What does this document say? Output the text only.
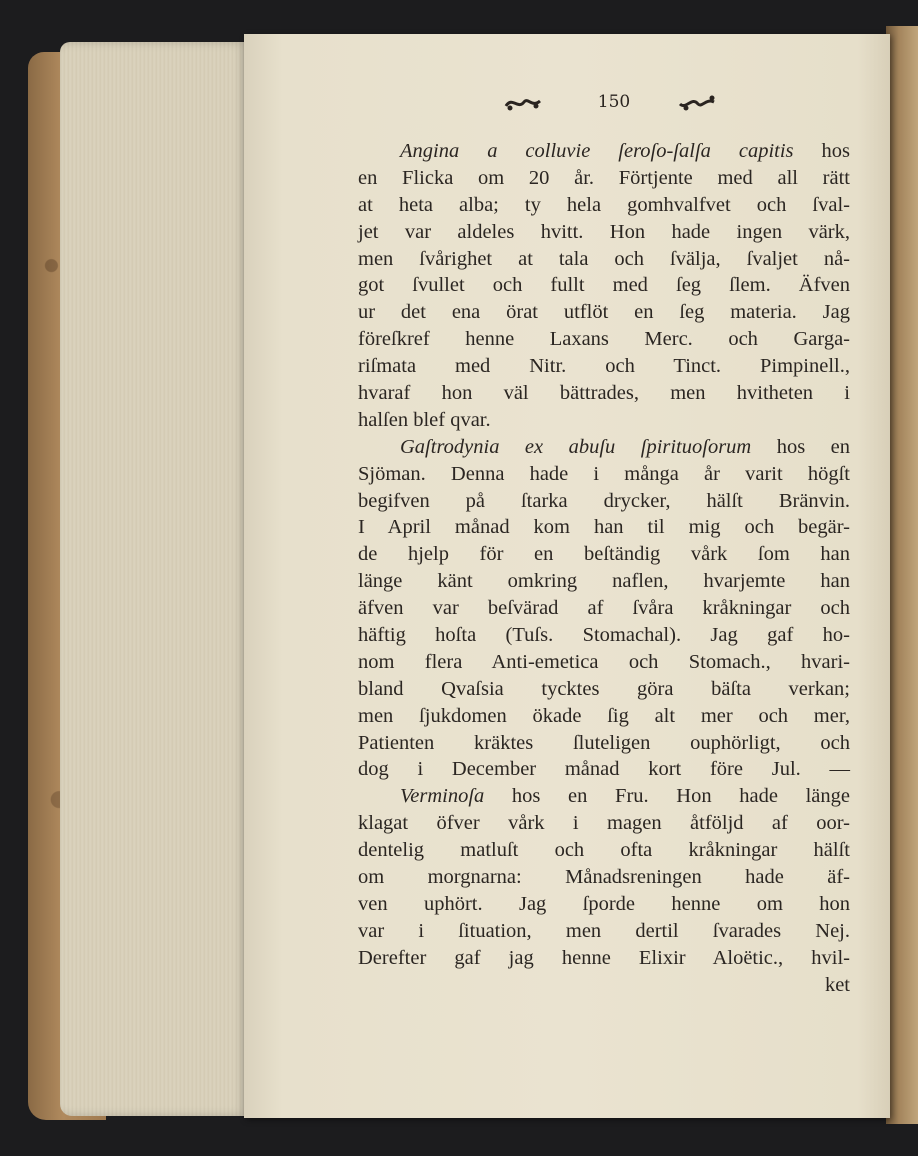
150
Angina a colluvie ſeroſo-ſalſa capitis hos
en Flicka om 20 år. Förtjente med all rätt
at heta alba; ty hela gomhvalfvet och ſval-
jet var aldeles hvitt. Hon hade ingen värk,
men ſvårighet at tala och ſvälja, ſvaljet nå-
got ſvullet och fullt med ſeg ſlem. Äfven
ur det ena örat utflöt en ſeg materia. Jag
föreſkref henne Laxans Merc. och Garga-
riſmata med Nitr. och Tinct. Pimpinell.,
hvaraf hon väl bättrades, men hvitheten i
halſen blef qvar.
Gaſtrodynia ex abuſu ſpirituoſorum hos en
Sjöman. Denna hade i många år varit högſt
begifven på ſtarka drycker, hälſt Bränvin.
I April månad kom han til mig och begär-
de hjelp för en beſtändig vårk ſom han
länge känt omkring naflen, hvarjemte han
äfven var beſvärad af ſvåra kråkningar och
häftig hoſta (Tuſs. Stomachal). Jag gaf ho-
nom flera Anti-emetica och Stomach., hvari-
bland Qvaſsia tycktes göra bäſta verkan;
men ſjukdomen ökade ſig alt mer och mer,
Patienten kräktes ſluteligen ouphörligt, och
dog i December månad kort före Jul. —
Verminoſa hos en Fru. Hon hade länge
klagat öfver vårk i magen åtföljd af oor-
dentelig matluſt och ofta kråkningar hälſt
om morgnarna: Månadsreningen hade äf-
ven uphört. Jag ſporde henne om hon
var i ſituation, men dertil ſvarades Nej.
Derefter gaf jag henne Elixir Aloëtic., hvil-
ket
